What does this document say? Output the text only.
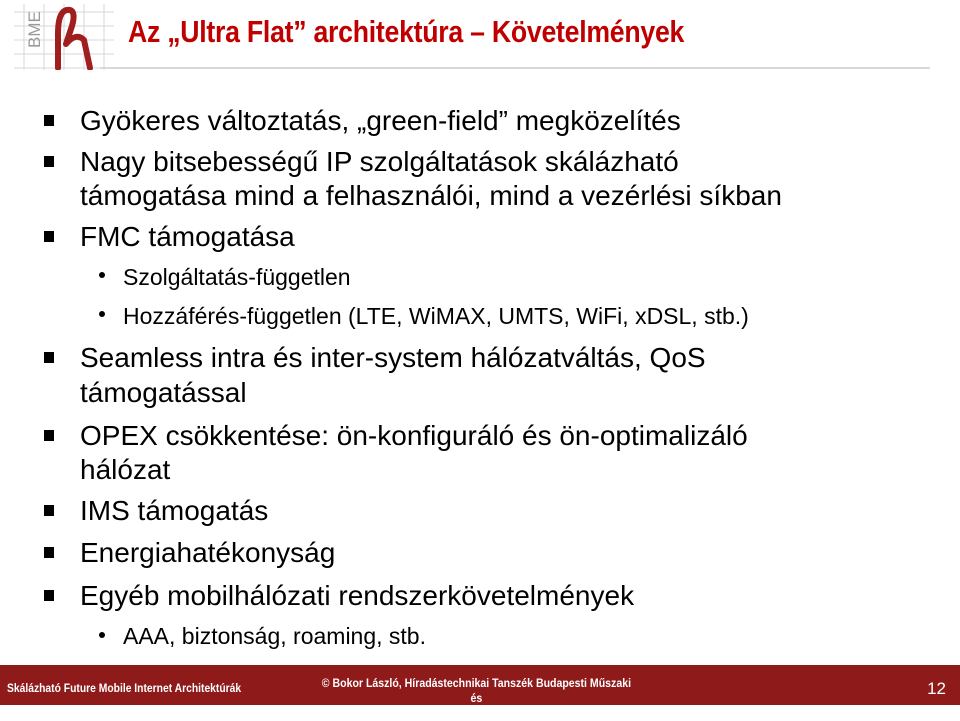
BME	Az „Ultra Flat” architektúra – Követelmények
Gyökeres változtatás, „green-field” megközelítés
Nagy bitsebességű IP szolgáltatások skálázható
támogatása mind a felhasználói, mind a vezérlési síkban
FMC támogatása
Szolgáltatás-független
Hozzáférés-független (LTE, WiMAX, UMTS, WiFi, xDSL, stb.)
Seamless intra és inter-system hálózatváltás, QoS
támogatással
OPEX csökkentése: ön-konfiguráló és ön-optimalizáló
hálózat
IMS támogatás
Energiahatékonyság
Egyéb mobilhálózati rendszerkövetelmények
AAA, biztonság, roaming, stb.
Skálázható Future Mobile Internet Architektúrák	© Bokor László, Híradástechnikai Tanszék Budapesti Műszaki és
Gazdaságtudományi Egyetem
12
